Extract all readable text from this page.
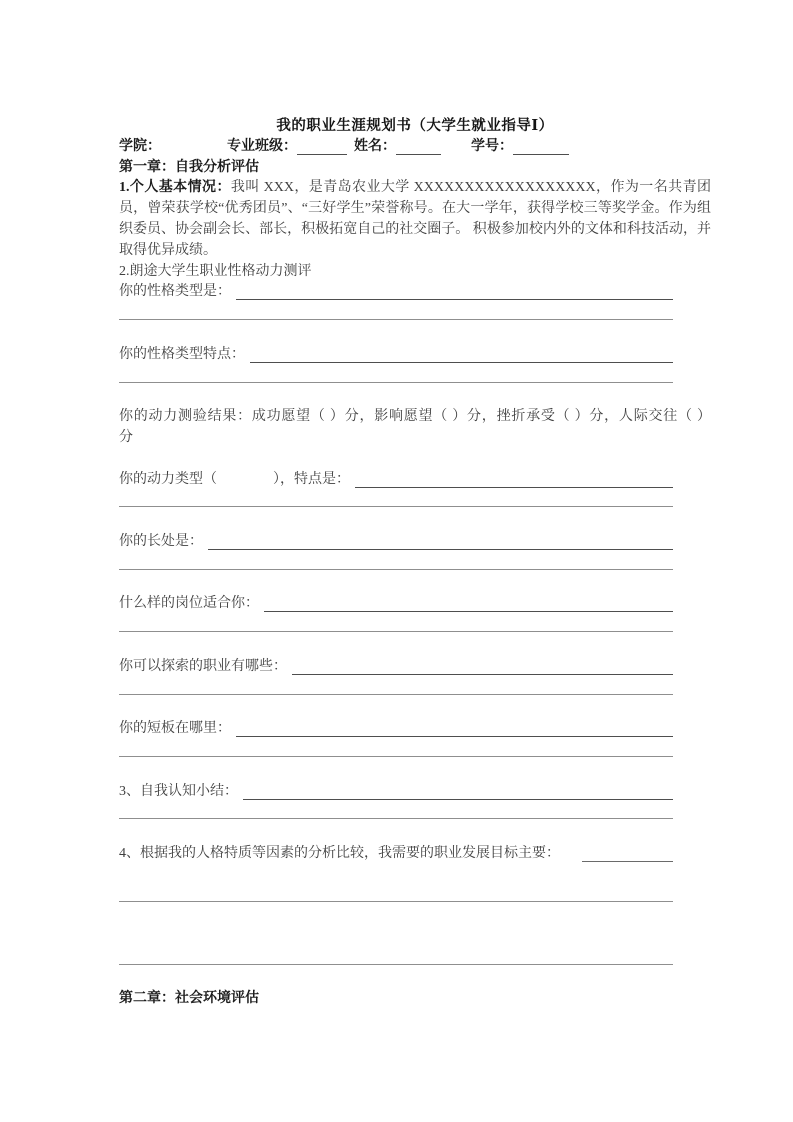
我的职业生涯规划书（大学生就业指导Ⅰ）
学院：	专业班级：	姓名：	学号：
第一章：自我分析评估
1.个人基本情况：我叫 XXX，是青岛农业大学 XXXXXXXXXXXXXXXXXX，作为一名共青团员，曾荣获学校“优秀团员”、“三好学生”荣誉称号。在大一学年，获得学校三等奖学金。作为组织委员、协会副会长、部长，积极拓宽自己的社交圈子。 积极参加校内外的文体和科技活动，并取得优异成绩。
2.朗途大学生职业性格动力测评
你的性格类型是：
你的性格类型特点：
你的动力测验结果：成功愿望（ ）分，影响愿望（ ）分，挫折承受（ ）分，人际交往（ ）
分
你的动力类型（　　　　），特点是：
你的长处是：
什么样的岗位适合你：
你可以探索的职业有哪些：
你的短板在哪里：
3、自我认知小结：
4、根据我的人格特质等因素的分析比较，我需要的职业发展目标主要：
第二章：社会环境评估
